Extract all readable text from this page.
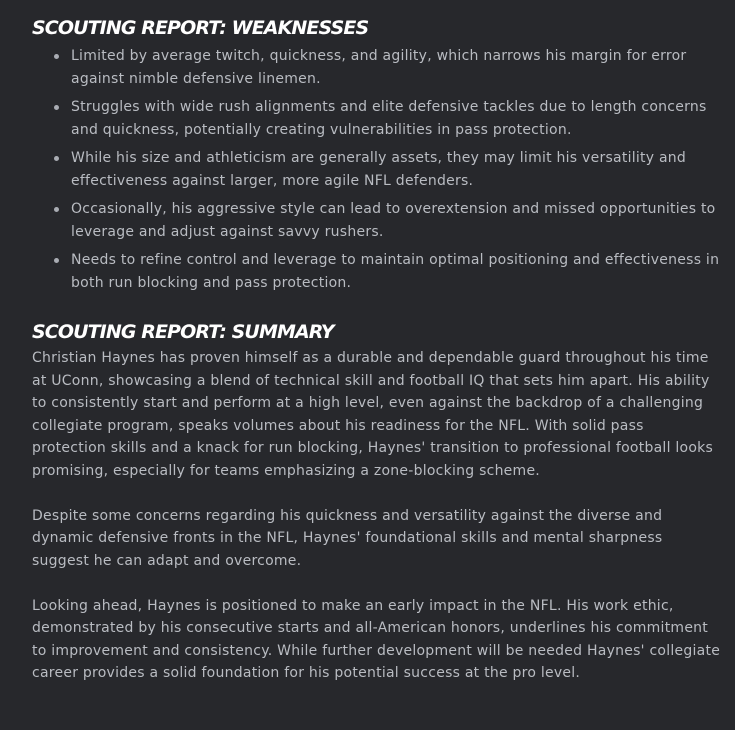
SCOUTING REPORT: WEAKNESSES
Limited by average twitch, quickness, and agility, which narrows his margin for error against nimble defensive linemen.
Struggles with wide rush alignments and elite defensive tackles due to length concerns and quickness, potentially creating vulnerabilities in pass protection.
While his size and athleticism are generally assets, they may limit his versatility and effectiveness against larger, more agile NFL defenders.
Occasionally, his aggressive style can lead to overextension and missed opportunities to leverage and adjust against savvy rushers.
Needs to refine control and leverage to maintain optimal positioning and effectiveness in both run blocking and pass protection.
SCOUTING REPORT: SUMMARY

Christian Haynes has proven himself as a durable and dependable guard throughout his time at UConn, showcasing a blend of technical skill and football IQ that sets him apart. His ability to consistently start and perform at a high level, even against the backdrop of a challenging collegiate program, speaks volumes about his readiness for the NFL. With solid pass protection skills and a knack for run blocking, Haynes' transition to professional football looks promising, especially for teams emphasizing a zone-blocking scheme.

Despite some concerns regarding his quickness and versatility against the diverse and dynamic defensive fronts in the NFL, Haynes' foundational skills and mental sharpness suggest he can adapt and overcome.

Looking ahead, Haynes is positioned to make an early impact in the NFL. His work ethic, demonstrated by his consecutive starts and all-American honors, underlines his commitment to improvement and consistency. While further development will be needed Haynes' collegiate career provides a solid foundation for his potential success at the pro level.
